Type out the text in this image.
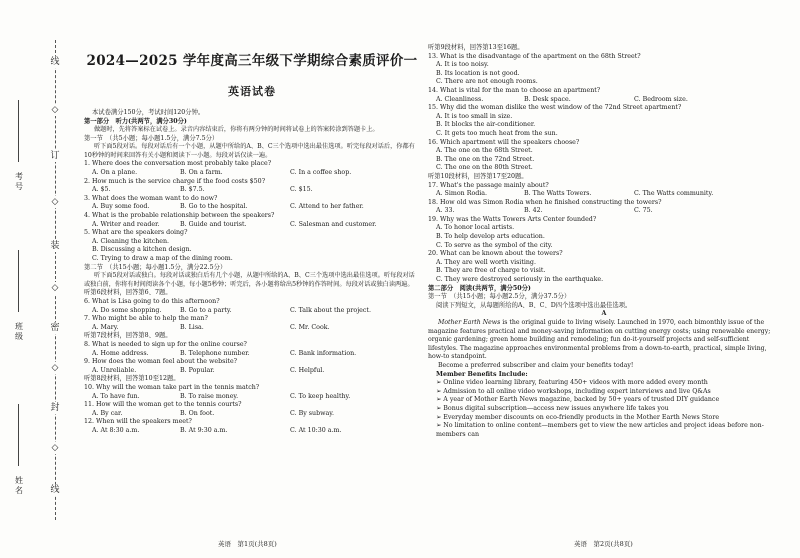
线
◇
订
◇
装
◇
密
◇
封
◇
线
考号
班级
姓名
2024—2025 学年度高三年级下学期综合素质评价一
英语试卷
本试卷满分150分，考试时间120分钟。
第一部分　听力(共两节，满分30分)
做题时，先将答案标在试卷上。录音内容结束后，你将有两分钟的时间将试卷上的答案转涂到答题卡上。
第一节　（共5小题；每小题1.5分，满分7.5分）
听下面5段对话。每段对话后有一个小题，从题中所给的A、B、C三个选项中选出最佳选项。听完每段对话后，你都有10秒钟的时间来回答有关小题和阅读下一小题。每段对话仅读一遍。
1. Where does the conversation most probably take place?
A. On a plane.	B. On a farm.	C. In a coffee shop.
2. How much is the service charge if the food costs $50?
A. $5.	B. $7.5.	C. $15.
3. What does the woman want to do now?
A. Buy some food.	B. Go to the hospital.	C. Attend to her father.
4. What is the probable relationship between the speakers?
A. Writer and reader.	B. Guide and tourist.	C. Salesman and customer.
5. What are the speakers doing?
A. Cleaning the kitchen.
B. Discussing a kitchen design.
C. Trying to draw a map of the dining room.
第二节　（共15小题；每小题1.5分，满分22.5分）
听下面5段对话或独白。每段对话或独白后有几个小题，从题中所给的A、B、C三个选项中选出最佳选项。听每段对话或独白前，你将有时间阅读各个小题，每小题5秒钟；听完后，各小题将给出5秒钟的作答时间。每段对话或独白读两遍。
听第6段材料，回答第6、7题。
6. What is Lisa going to do this afternoon?
A. Do some shopping.	B. Go to a party.	C. Talk about the project.
7. Who might be able to help the man?
A. Mary.	B. Lisa.	C. Mr. Cook.
听第7段材料，回答第8、9题。
8. What is needed to sign up for the online course?
A. Home address.	B. Telephone number.	C. Bank information.
9. How does the woman feel about the website?
A. Unreliable.	B. Popular.	C. Helpful.
听第8段材料，回答第10至12题。
10. Why will the woman take part in the tennis match?
A. To have fun.	B. To raise money.	C. To keep healthy.
11. How will the woman get to the tennis courts?
A. By car.	B. On foot.	C. By subway.
12. When will the speakers meet?
A. At 8:30 a.m.	B. At 9:30 a.m.	C. At 10:30 a.m.
听第9段材料，回答第13至16题。
13. What is the disadvantage of the apartment on the 68th Street?
A. It is too noisy.
B. Its location is not good.
C. There are not enough rooms.
14. What is vital for the man to choose an apartment?
A. Cleanliness.	B. Desk space.	C. Bedroom size.
15. Why did the woman dislike the west window of the 72nd Street apartment?
A. It is too small in size.
B. It blocks the air-conditioner.
C. It gets too much heat from the sun.
16. Which apartment will the speakers choose?
A. The one on the 68th Street.
B. The one on the 72nd Street.
C. The one on the 80th Street.
听第10段材料，回答第17至20题。
17. What's the passage mainly about?
A. Simon Rodia.	B. The Watts Towers.	C. The Watts community.
18. How old was Simon Rodia when he finished constructing the towers?
A. 33.	B. 42.	C. 75.
19. Why was the Watts Towers Arts Center founded?
A. To honor local artists.
B. To help develop arts education.
C. To serve as the symbol of the city.
20. What can be known about the towers?
A. They are well worth visiting.
B. They are free of charge to visit.
C. They were destroyed seriously in the earthquake.
第二部分　阅读(共两节，满分50分)
第一节　（共15小题；每小题2.5分，满分37.5分）
阅读下列短文，从每题所给的A、B、C、D四个选项中选出最佳选项。
A
Mother Earth News is the original guide to living wisely. Launched in 1970, each bimonthly issue of the magazine features practical and money-saving information on cutting energy costs; using renewable energy; organic gardening; green home building and remodeling; fun do-it-yourself projects and self-sufficient lifestyles. The magazine approaches environmental problems from a down-to-earth, practical, simple living, how-to standpoint.
Become a preferred subscriber and claim your benefits today!
Member Benefits Include:
➢ Online video learning library, featuring 450+ videos with more added every month
➢ Admission to all online video workshops, including expert interviews and live Q&As
➢ A year of Mother Earth News magazine, backed by 50+ years of trusted DIY guidance
➢ Bonus digital subscription—access new issues anywhere life takes you
➢ Everyday member discounts on eco-friendly products in the Mother Earth News Store
➢ No limitation to online content—members get to view the new articles and project ideas before non-members can
英语　第1页(共8页)	英语　第2页(共8页)
